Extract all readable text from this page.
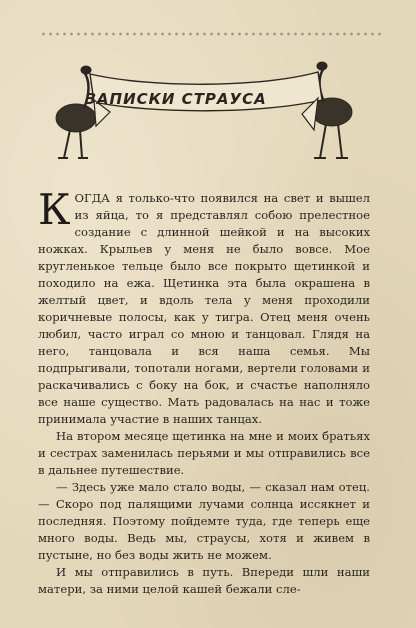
ЗАПИСКИ СТРАУСА

КОГДА я только-что появился на свет и вышел из яйца, то я представлял собою прелестное создание с длинной шейкой и на высоких ножках. Крыльев у меня не было вовсе. Мое кругленькое тельце было все покрыто щетинкой и походило на ежа. Щетинка эта была окрашена в желтый цвет, и вдоль тела у меня проходили коричневые полосы, как у тигра. Отец меня очень любил, часто играл со мною и танцовал. Глядя на него, танцовала и вся наша семья. Мы подпрыгивали, топотали ногами, вертели головами и раскачивались с боку на бок, и счастье наполняло все наше существо. Мать радовалась на нас и тоже принимала участие в наших танцах.

На втором месяце щетинка на мне и моих братьях и сестрах заменилась перьями и мы отправились все в дальнее путешествие.

— Здесь уже мало стало воды, — сказал нам отец. — Скоро под палящими лучами солнца иссякнет и последняя. Поэтому пойдемте туда, где теперь еще много воды. Ведь мы, страусы, хотя и живем в пустыне, но без воды жить не можем.

И мы отправились в путь. Впереди шли наши матери, за ними целой кашей бежали сле-
